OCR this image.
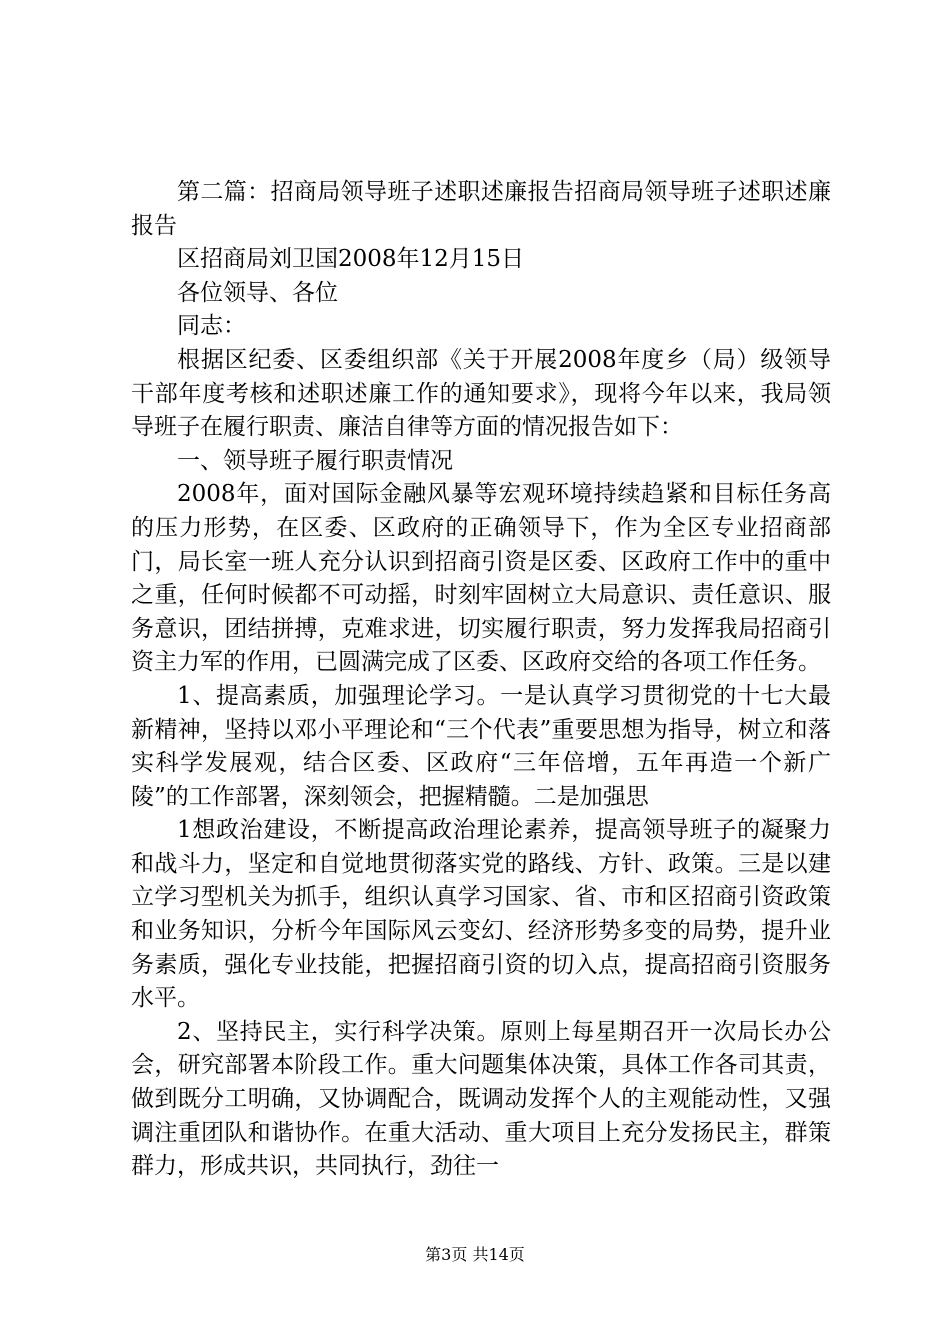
第二篇：招商局领导班子述职述廉报告招商局领导班子述职述廉报告

区招商局刘卫国2008年12月15日

各位领导、各位

同志：

根据区纪委、区委组织部《关于开展2008年度乡（局）级领导干部年度考核和述职述廉工作的通知要求》，现将今年以来，我局领导班子在履行职责、廉洁自律等方面的情况报告如下：

一、领导班子履行职责情况

2008年，面对国际金融风暴等宏观环境持续趋紧和目标任务高的压力形势，在区委、区政府的正确领导下，作为全区专业招商部门，局长室一班人充分认识到招商引资是区委、区政府工作中的重中之重，任何时候都不可动摇，时刻牢固树立大局意识、责任意识、服务意识，团结拼搏，克难求进，切实履行职责，努力发挥我局招商引资主力军的作用，已圆满完成了区委、区政府交给的各项工作任务。

1、提高素质，加强理论学习。一是认真学习贯彻党的十七大最新精神，坚持以邓小平理论和“三个代表”重要思想为指导，树立和落实科学发展观，结合区委、区政府“三年倍增，五年再造一个新广陵”的工作部署，深刻领会，把握精髓。二是加强思

1想政治建设，不断提高政治理论素养，提高领导班子的凝聚力和战斗力，坚定和自觉地贯彻落实党的路线、方针、政策。三是以建立学习型机关为抓手，组织认真学习国家、省、市和区招商引资政策和业务知识，分析今年国际风云变幻、经济形势多变的局势，提升业务素质，强化专业技能，把握招商引资的切入点，提高招商引资服务水平。

2、坚持民主，实行科学决策。原则上每星期召开一次局长办公会，研究部署本阶段工作。重大问题集体决策，具体工作各司其责，做到既分工明确，又协调配合，既调动发挥个人的主观能动性，又强调注重团队和谐协作。在重大活动、重大项目上充分发扬民主，群策群力，形成共识，共同执行，劲往一

第3页 共14页
